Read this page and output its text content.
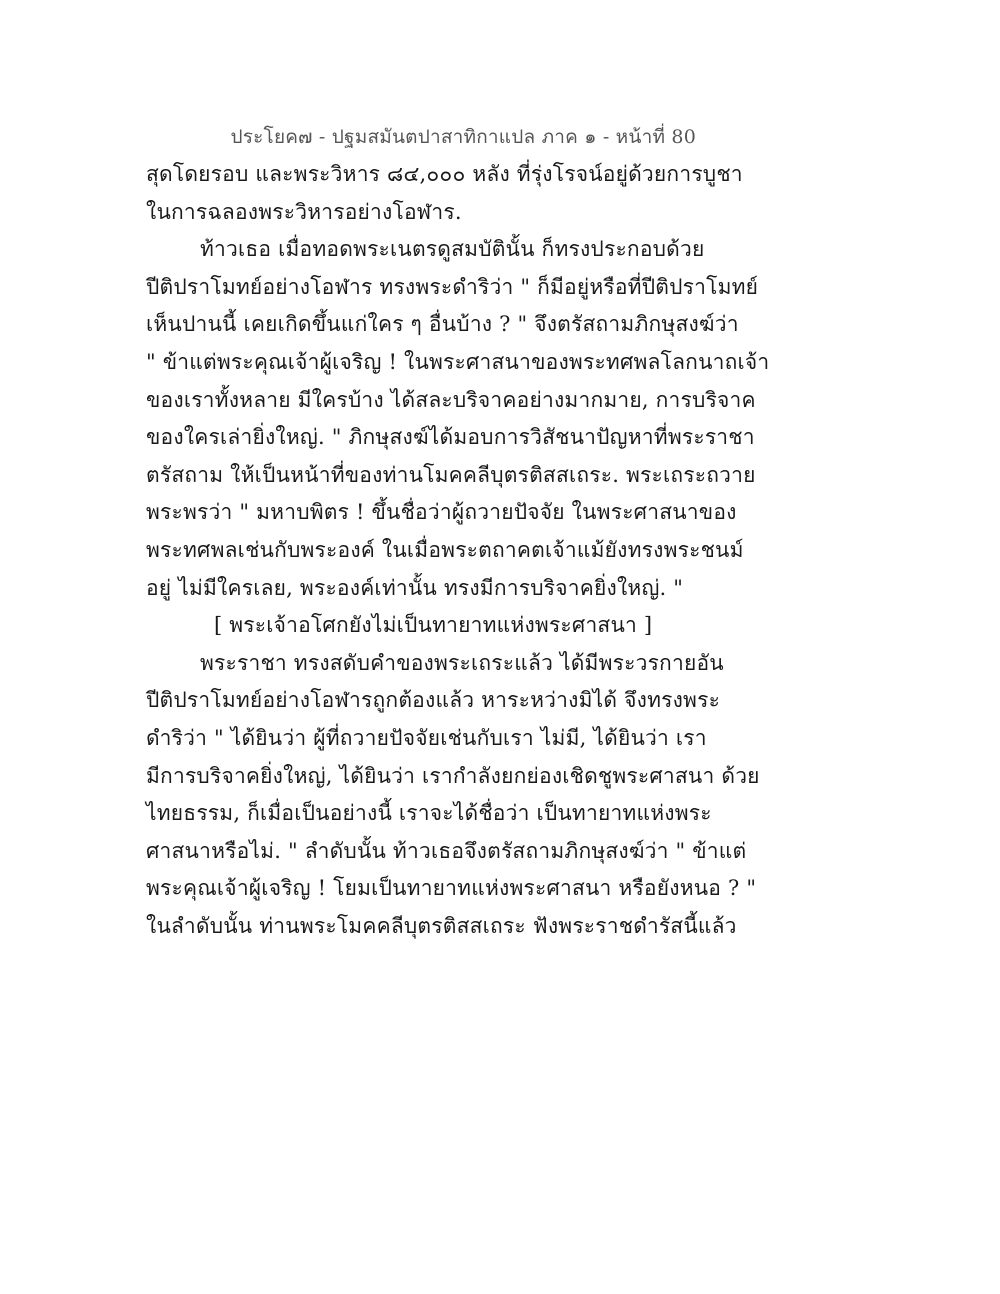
ประโยค๗ - ปฐมสมันตปาสาทิกาแปล ภาค ๑ - หน้าที่ 80
สุดโดยรอบ และพระวิหาร ๘๔,๐๐๐ หลัง ที่รุ่งโรจน์อยู่ด้วยการบูชา
ในการฉลองพระวิหารอย่างโอฬาร.
ท้าวเธอ เมื่อทอดพระเนตรดูสมบัตินั้น ก็ทรงประกอบด้วย
ปีติปราโมทย์อย่างโอฬาร ทรงพระดำริว่า " ก็มีอยู่หรือที่ปีติปราโมทย์
เห็นปานนี้ เคยเกิดขึ้นแก่ใคร ๆ อื่นบ้าง ? " จึงตรัสถามภิกษุสงฆ์ว่า
" ข้าแต่พระคุณเจ้าผู้เจริญ ! ในพระศาสนาของพระทศพลโลกนาถเจ้า
ของเราทั้งหลาย มีใครบ้าง ได้สละบริจาคอย่างมากมาย, การบริจาค
ของใครเล่ายิ่งใหญ่. " ภิกษุสงฆ์ได้มอบการวิสัชนาปัญหาที่พระราชา
ตรัสถาม ให้เป็นหน้าที่ของท่านโมคคลีบุตรติสสเถระ. พระเถระถวาย
พระพรว่า " มหาบพิตร ! ขึ้นชื่อว่าผู้ถวายปัจจัย ในพระศาสนาของ
พระทศพลเช่นกับพระองค์ ในเมื่อพระตถาคตเจ้าแม้ยังทรงพระชนม์
อยู่ ไม่มีใครเลย, พระองค์เท่านั้น ทรงมีการบริจาคยิ่งใหญ่. "
[ พระเจ้าอโศกยังไม่เป็นทายาทแห่งพระศาสนา ]
พระราชา ทรงสดับคำของพระเถระแล้ว ได้มีพระวรกายอัน
ปีติปราโมทย์อย่างโอฬารถูกต้องแล้ว หาระหว่างมิได้ จึงทรงพระ
ดำริว่า " ได้ยินว่า ผู้ที่ถวายปัจจัยเช่นกับเรา ไม่มี, ได้ยินว่า เรา
มีการบริจาคยิ่งใหญ่, ได้ยินว่า เรากำลังยกย่องเชิดชูพระศาสนา ด้วย
ไทยธรรม, ก็เมื่อเป็นอย่างนี้ เราจะได้ชื่อว่า เป็นทายาทแห่งพระ
ศาสนาหรือไม่. " ลำดับนั้น ท้าวเธอจึงตรัสถามภิกษุสงฆ์ว่า " ข้าแต่
พระคุณเจ้าผู้เจริญ ! โยมเป็นทายาทแห่งพระศาสนา หรือยังหนอ ? "
ในลำดับนั้น ท่านพระโมคคลีบุตรติสสเถระ ฟังพระราชดำรัสนี้แล้ว
